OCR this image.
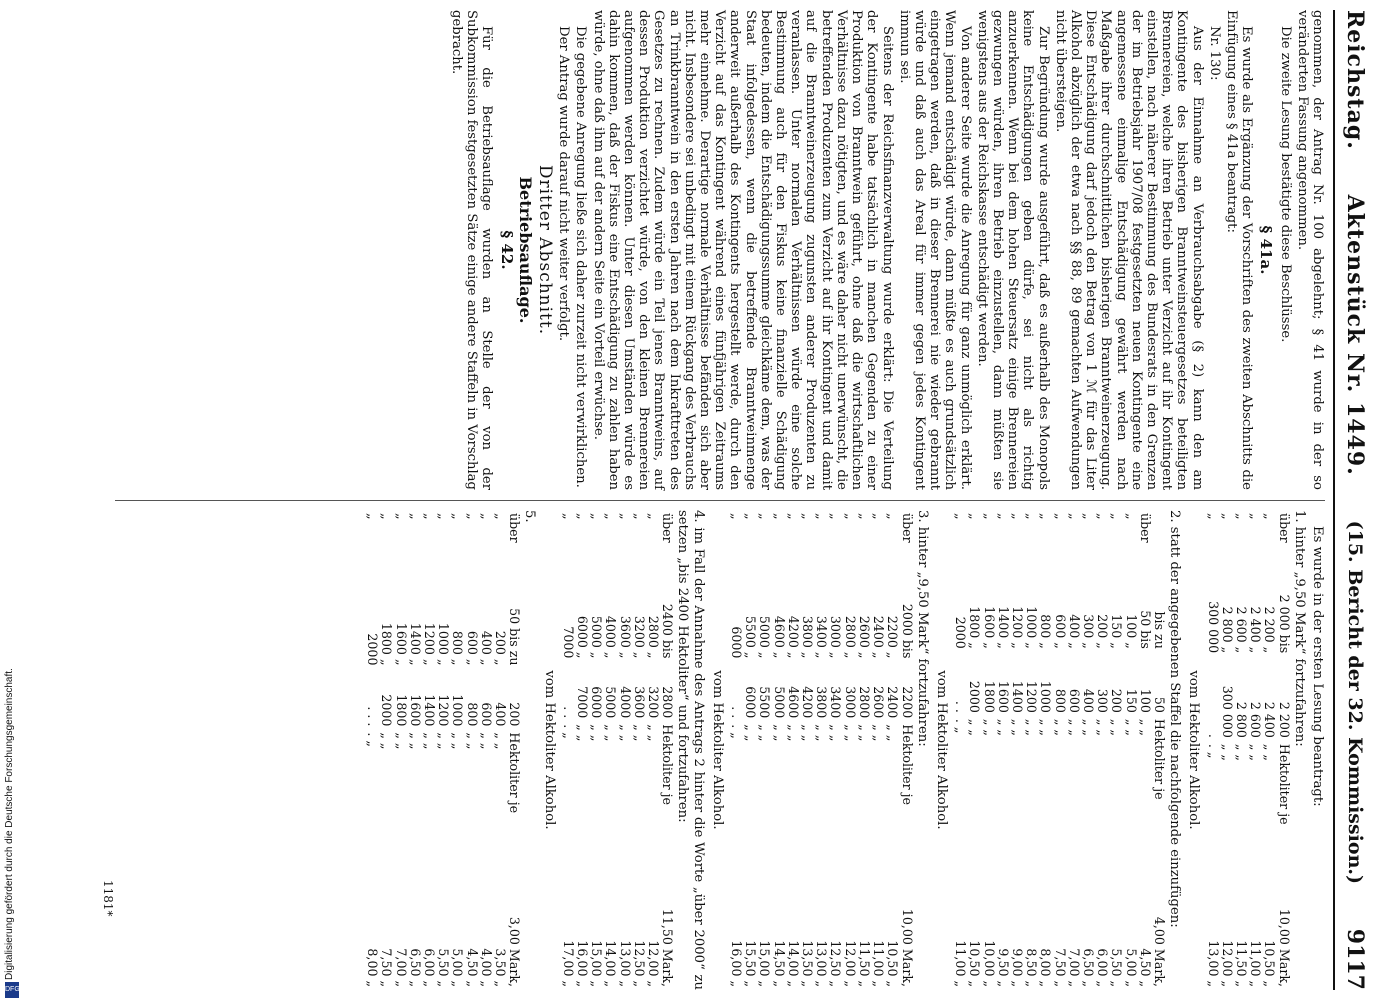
Reichstag.
Aktenstück Nr. 1449.
(15. Bericht der 32. Kommission.)
9117

genommen, der Antrag Nr. 100 abgelehnt; § 41 wurde in der so veränderten Fassung angenommen.

Die zweite Lesung bestätigte diese Beschlüsse.

§ 41a.

Es wurde als Ergänzung der Vorschriften des zweiten Abschnitts die Einfügung eines § 41a beantragt:

Nr. 130:

Aus der Einnahme an Verbrauchsabgabe (§ 2) kann den am Kontingente des bisherigen Branntweinsteuergesetzes beteiligten Brennereien, welche ihren Betrieb unter Verzicht auf ihr Kontingent einstellen, nach näherer Bestimmung des Bundesrats in den Grenzen der im Betriebsjahr 1907/08 festgesetzten neuen Kontingente eine angemessene einmalige Entschädigung gewährt werden nach Maßgabe ihrer durchschnittlichen bisherigen Branntweinerzeugung. Diese Entschädigung darf jedoch den Betrag von 1 ℳ für das Liter Alkohol abzüglich der etwa nach §§ 88, 89 gemachten Aufwendungen nicht übersteigen.

Zur Begründung wurde ausgeführt, daß es außerhalb des Monopols keine Entschädigungen geben dürfe, sei nicht als richtig anzuerkennen. Wenn bei dem hohen Steuersatz einige Brennereien gezwungen würden, ihren Betrieb einzustellen, dann müßten sie wenigstens aus der Reichskasse entschädigt werden.

Von anderer Seite wurde die Anregung für ganz unmöglich erklärt. Wenn jemand entschädigt würde, dann müßte es auch grundsätzlich eingetragen werden, daß in dieser Brennerei nie wieder gebrannt würde und daß auch das Areal für immer gegen jedes Kontingent immun sei.

Seitens der Reichsfinanzverwaltung wurde erklärt: Die Verteilung der Kontingente habe tatsächlich in manchen Gegenden zu einer Produktion von Branntwein geführt, ohne daß die wirtschaftlichen Verhältnisse dazu nötigten, und es wäre daher nicht unerwünscht, die betreffenden Produzenten zum Verzicht auf ihr Kontingent und damit auf die Branntweinerzeugung zugunsten anderer Produzenten zu veranlassen. Unter normalen Verhältnissen würde eine solche Bestimmung auch für den Fiskus keine finanzielle Schädigung bedeuten, indem die Entschädigungssumme gleichkäme dem, was der Staat infolgedessen, wenn die betreffende Branntweinmenge anderweit außerhalb des Kontingents hergestellt werde, durch den Verzicht auf das Kontingent während eines fünfjährigen Zeitraums mehr einnehme. Derartige normale Verhältnisse befänden sich aber nicht. Insbesondere sei unbedingt mit einem Rückgang des Verbrauchs an Trinkbranntwein in den ersten Jahren nach dem Inkrafttreten des Gesetzes zu rechnen. Zudem würde ein Teil jenes Branntweins, auf dessen Produktion verzichtet würde, von den kleinen Brennereien aufgenommen werden können. Unter diesen Umständen würde es dahin kommen, daß der Fiskus eine Entschädigung zu zahlen haben würde, ohne daß ihm auf der andern Seite ein Vorteil erwüchse.

Die gegebene Anregung ließe sich daher zurzeit nicht verwirklichen.

Der Antrag wurde darauf nicht weiter verfolgt.

Dritter Abschnitt.

Betriebsauflage.

§ 42.

Für die Betriebsauflage wurden an Stelle der von der Subkommission festgesetzten Sätze einige andere Staffeln in Vorschlag gebracht.

Es wurde in der ersten Lesung beantragt:

1. hinter „9,50 Mark“ fortzufahren:

über	2 000 bis	2 200	Hektoliter je	10,00 Mark,
„	2 200 „	2 400	„ „	10,50 „
„	2 400 „	2 600	„ „	11,00 „
„	2 600 „	2 800	„ „	11,50 „
„	2 800 „	300 000	„ „	12,00 „
„	300 000	.	. „	13,00 „

vom Hektoliter Alkohol.

2. statt der angegebenen Staffel die nachfolgende einzufügen:

	bis zu	50	Hektoliter je	4,00 Mark,
über	50 bis	100	„ „	4,50 „
„	100 „	150	„ „	5,00 „
„	150 „	200	„ „	5,50 „
„	200 „	300	„ „	6,00 „
„	300 „	400	„ „	6,50 „
„	400 „	600	„ „	7,00 „
„	600 „	800	„ „	7,50 „
„	800 „	1000	„ „	8,00 „
„	1000 „	1200	„ „	8,50 „
„	1200 „	1400	„ „	9,00 „
„	1400 „	1600	„ „	9,50 „
„	1600 „	1800	„ „	10,00 „
„	1800 „	2000	„ „	10,50 „
„	2000	. .	. „	11,00 „

vom Hektoliter Alkohol.

3. hinter „9,50 Mark“ fortzufahren:

über	2000 bis	2200	Hektoliter je	10,00 Mark,
„	2200 „	2400	„ „	10,50 „
„	2400 „	2600	„ „	11,00 „
„	2600 „	2800	„ „	11,50 „
„	2800 „	3000	„ „	12,00 „
„	3000 „	3400	„ „	12,50 „
„	3400 „	3800	„ „	13,00 „
„	3800 „	4200	„ „	13,50 „
„	4200 „	4600	„ „	14,00 „
„	4600 „	5000	„ „	14,50 „
„	5000 „	5500	„ „	15,00 „
„	5500 „	6000	„ „	15,50 „
„	6000	. .	. „	16,00 „

vom Hektoliter Alkohol.

4. im Fall der Annahme des Antrags 2 hinter die Worte „über 2000“ zu setzen „bis 2400 Hektoliter“ und fortzufahren:

über	2400 bis	2800	Hektoliter je	11,50 Mark,
„	2800 „	3200	„ „	12,00 „
„	3200 „	3600	„ „	12,50 „
„	3600 „	4000	„ „	13,00 „
„	4000 „	5000	„ „	14,00 „
„	5000 „	6000	„ „	15,00 „
„	6000 „	7000	„ „	16,00 „
„	7000	. .	. „	17,00 „

vom Hektoliter Alkohol.

5.

über	50 bis zu	200	Hektoliter je	3,00 Mark,
„	200 „	400	„ „	3,50 „
„	400 „	600	„ „	4,00 „
„	600 „	800	„ „	4,50 „
„	800 „	1000	„ „	5,00 „
„	1000 „	1200	„ „	5,50 „
„	1200 „	1400	„ „	6,00 „
„	1400 „	1600	„ „	6,50 „
„	1600 „	1800	„ „	7,00 „
„	1800 „	2000	„ „	7,50 „
„	2000	. . .	. „	8,00 „
1181*
Digitalisierung gefördert durch die Deutsche Forschungsgemeinschaft.
DFG
